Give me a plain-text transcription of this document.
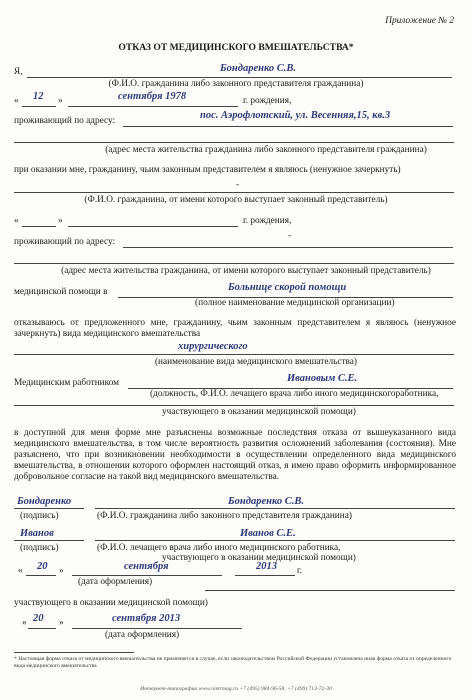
Приложение № 2
ОТКАЗ ОТ МЕДИЦИНСКОГО ВМЕШАТЕЛЬСТВА*
Я,	Бондаренко С.В.
(Ф.И.О. гражданина либо законного представителя гражданина)
« 12 »	сентября 1978	г. рождения,
проживающий по адресу:	пос. Аэрофлотский, ул. Весенняя,15, кв.3
(адрес места жительства гражданина либо законного представителя гражданина)
при оказании мне, гражданину, чьим законным представителем я являюсь (ненужное зачеркнуть)
-
(Ф.И.О. гражданина, от имени которого выступает законный представитель)
«	»	г. рождения,
проживающий по адресу:
-
(адрес места жительства гражданина, от имени которого выступает законный представитель)
медицинской помощи в	Больнице скорой помощи
(полное наименование медицинской организации)
отказываюсь от предложенного мне, гражданину, чьим законным представителем я являюсь (ненужное зачеркнуть) вида медицинского вмешательства
хирургического
(наименование вида медицинского вмешательства)
Медицинским работником	Ивановым С.Е.
(должность, Ф.И.О. лечащего врача либо иного медицинскогоработника,
участвующего в оказании медицинской помощи)
в доступной для меня форме мне разъяснены возможные последствия отказа от вышеуказанного вида медицинского вмешательства, в том числе вероятность развития осложнений заболевания (состояния). Мне разъяснено, что при возникновении необходимости в осуществлении определенного вида медицинского вмешательства, в отношении которого оформлен настоящий отказ, я имею право оформить информированное добровольное согласие на такой вид медицинского вмешательства.
Бондаренко	Бондаренко С.В.
(подпись)	(Ф.И.О. гражданина либо законного представителя гражданина)
Иванов	Иванов С.Е.
(подпись)	(Ф.И.О. лечащего врача либо иного медицинского работника,
участвующего в оказании медицинской помощи)
« 20 »	сентября	2013 г.
(дата оформления)
участвующего в оказании медицинской помощи)
« 20 »	сентября 2013
(дата оформления)
* Настоящая форма отказа от медицинского вмешательства не применяется в случае, если законодательством Российской Федерации установлена иная форма отказа от определенного вида медицинского вмешательства
Интернет-типография www.centrmag.ru +7 (495) 984-96-58, +7 (499) 713-72-30
